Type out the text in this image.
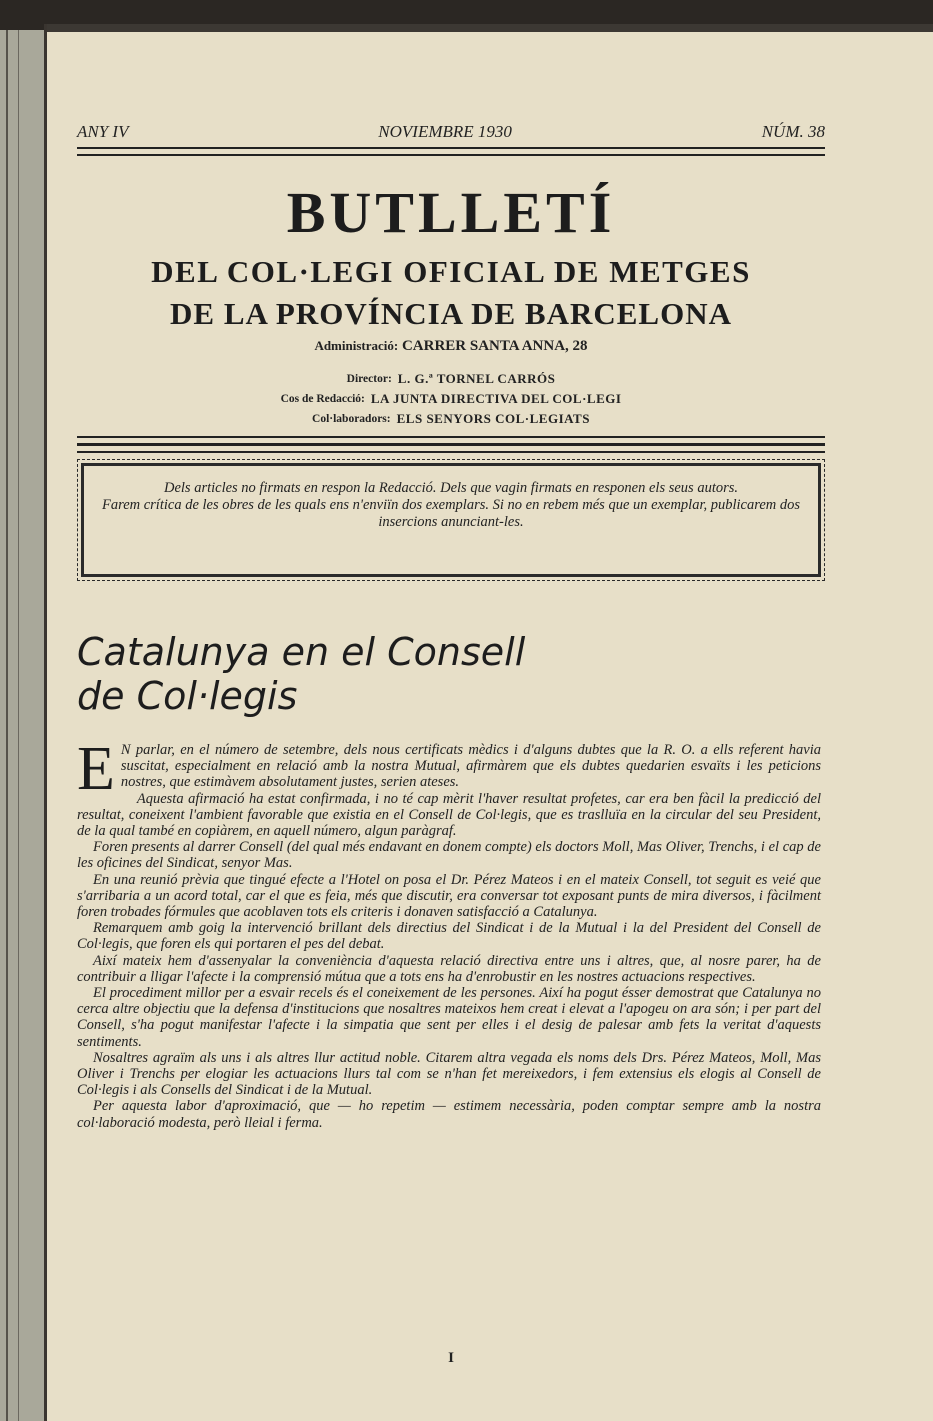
ANY IV	NOVIEMBRE 1930	NÚM. 38
BUTLLETÍ
DEL COL·LEGI OFICIAL DE METGES
DE LA PROVÍNCIA DE BARCELONA
Administració: CARRER SANTA ANNA, 28
Director: L. G.ª TORNEL CARRÓS
Cos de Redacció: LA JUNTA DIRECTIVA DEL COL·LEGI
Col·laboradors: ELS SENYORS COL·LEGIATS
Dels articles no firmats en respon la Redacció. Dels que vagin firmats en responen els seus autors.
Farem crítica de les obres de les quals ens n'enviïn dos exemplars. Si no en rebem més que un exemplar, publicarem dos insercions anunciant-les.
Catalunya en el Consell
de Col·legis

E N parlar, en el número de setembre, dels nous certificats mèdics i d'alguns dubtes que la R. O. a ells referent havia suscitat, especialment en relació amb la nostra Mutual, afirmàrem que els dubtes quedarien esvaïts i les peticions nostres, que estimàvem absolutament justes, serien ateses.

Aquesta afirmació ha estat confirmada, i no té cap mèrit l'haver resultat profetes, car era ben fàcil la predicció del resultat, coneixent l'ambient favorable que existia en el Consell de Col·legis, que es traslluïa en la circular del seu President, de la qual també en copiàrem, en aquell número, algun paràgraf.

Foren presents al darrer Consell (del qual més endavant en donem compte) els doctors Moll, Mas Oliver, Trenchs, i el cap de les oficines del Sindicat, senyor Mas.

En una reunió prèvia que tingué efecte a l'Hotel on posa el Dr. Pérez Mateos i en el mateix Consell, tot seguit es veié que s'arribaria a un acord total, car el que es feia, més que discutir, era conversar tot exposant punts de mira diversos, i fàcilment foren trobades fórmules que acoblaven tots els criteris i donaven satisfacció a Catalunya.

Remarquem amb goig la intervenció brillant dels directius del Sindicat i de la Mutual i la del President del Consell de Col·legis, que foren els qui portaren el pes del debat.

Així mateix hem d'assenyalar la conveniència d'aquesta relació directiva entre uns i altres, que, al nosre parer, ha de contribuir a lligar l'afecte i la comprensió mútua que a tots ens ha d'enrobustir en les nostres actuacions respectives.

El procediment millor per a esvair recels és el coneixement de les persones. Així ha pogut ésser demostrat que Catalunya no cerca altre objectiu que la defensa d'institucions que nosaltres mateixos hem creat i elevat a l'apogeu on ara són; i per part del Consell, s'ha pogut manifestar l'afecte i la simpatia que sent per elles i el desig de palesar amb fets la veritat d'aquests sentiments.

Nosaltres agraïm als uns i als altres llur actitud noble. Citarem altra vegada els noms dels Drs. Pérez Mateos, Moll, Mas Oliver i Trenchs per elogiar les actuacions llurs tal com se n'han fet mereixedors, i fem extensius els elogis al Consell de Col·legis i als Consells del Sindicat i de la Mutual.

Per aquesta labor d'aproximació, que — ho repetim — estimem necessària, poden comptar sempre amb la nostra col·laboració modesta, però lleial i ferma.

I
